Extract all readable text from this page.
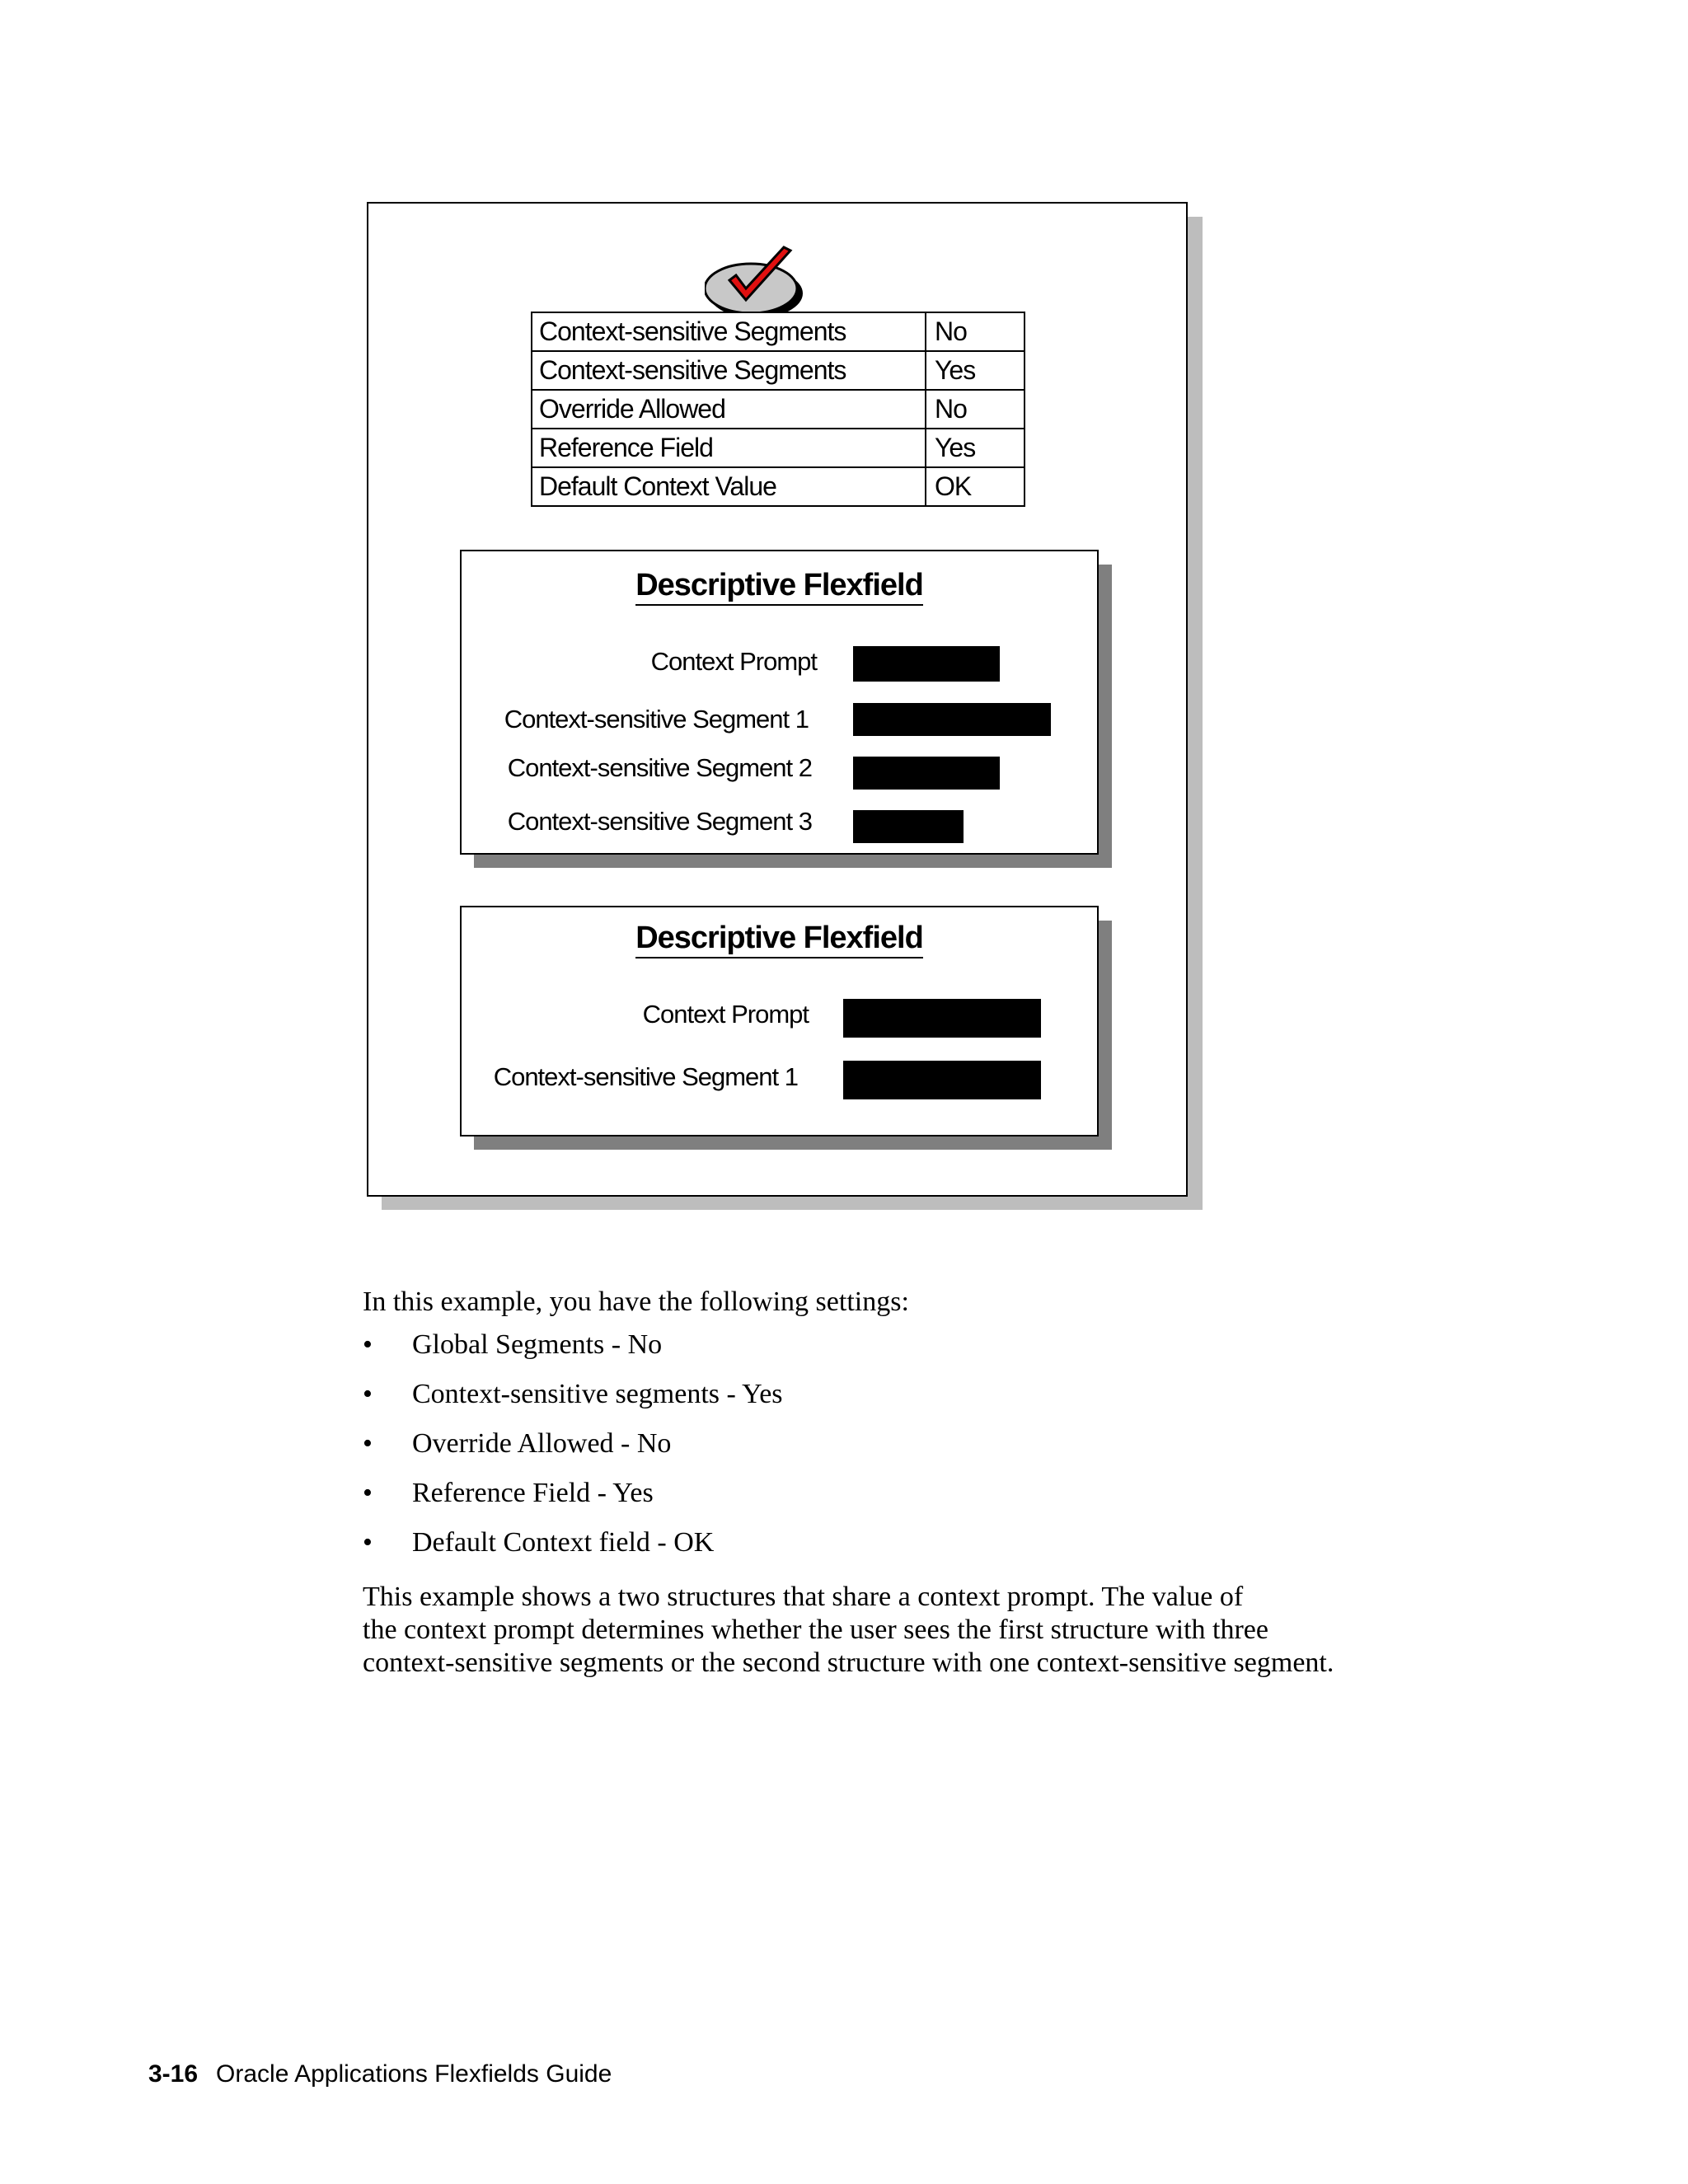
Context-sensitive Segments	No
Context-sensitive Segments	Yes
Override Allowed	No
Reference Field	Yes
Default Context Value	OK
Descriptive Flexfield
Context Prompt
Context-sensitive Segment 1
Context-sensitive Segment 2
Context-sensitive Segment 3
Descriptive Flexfield
Context Prompt
Context-sensitive Segment 1
In this example, you have the following settings:
• Global Segments - No
• Context-sensitive segments - Yes
• Override Allowed - No
• Reference Field - Yes
• Default Context field - OK
This example shows a two structures that share a context prompt. The value of
the context prompt determines whether the user sees the first structure with three
context-sensitive segments or the second structure with one context-sensitive segment.
3-16 Oracle Applications Flexfields Guide
